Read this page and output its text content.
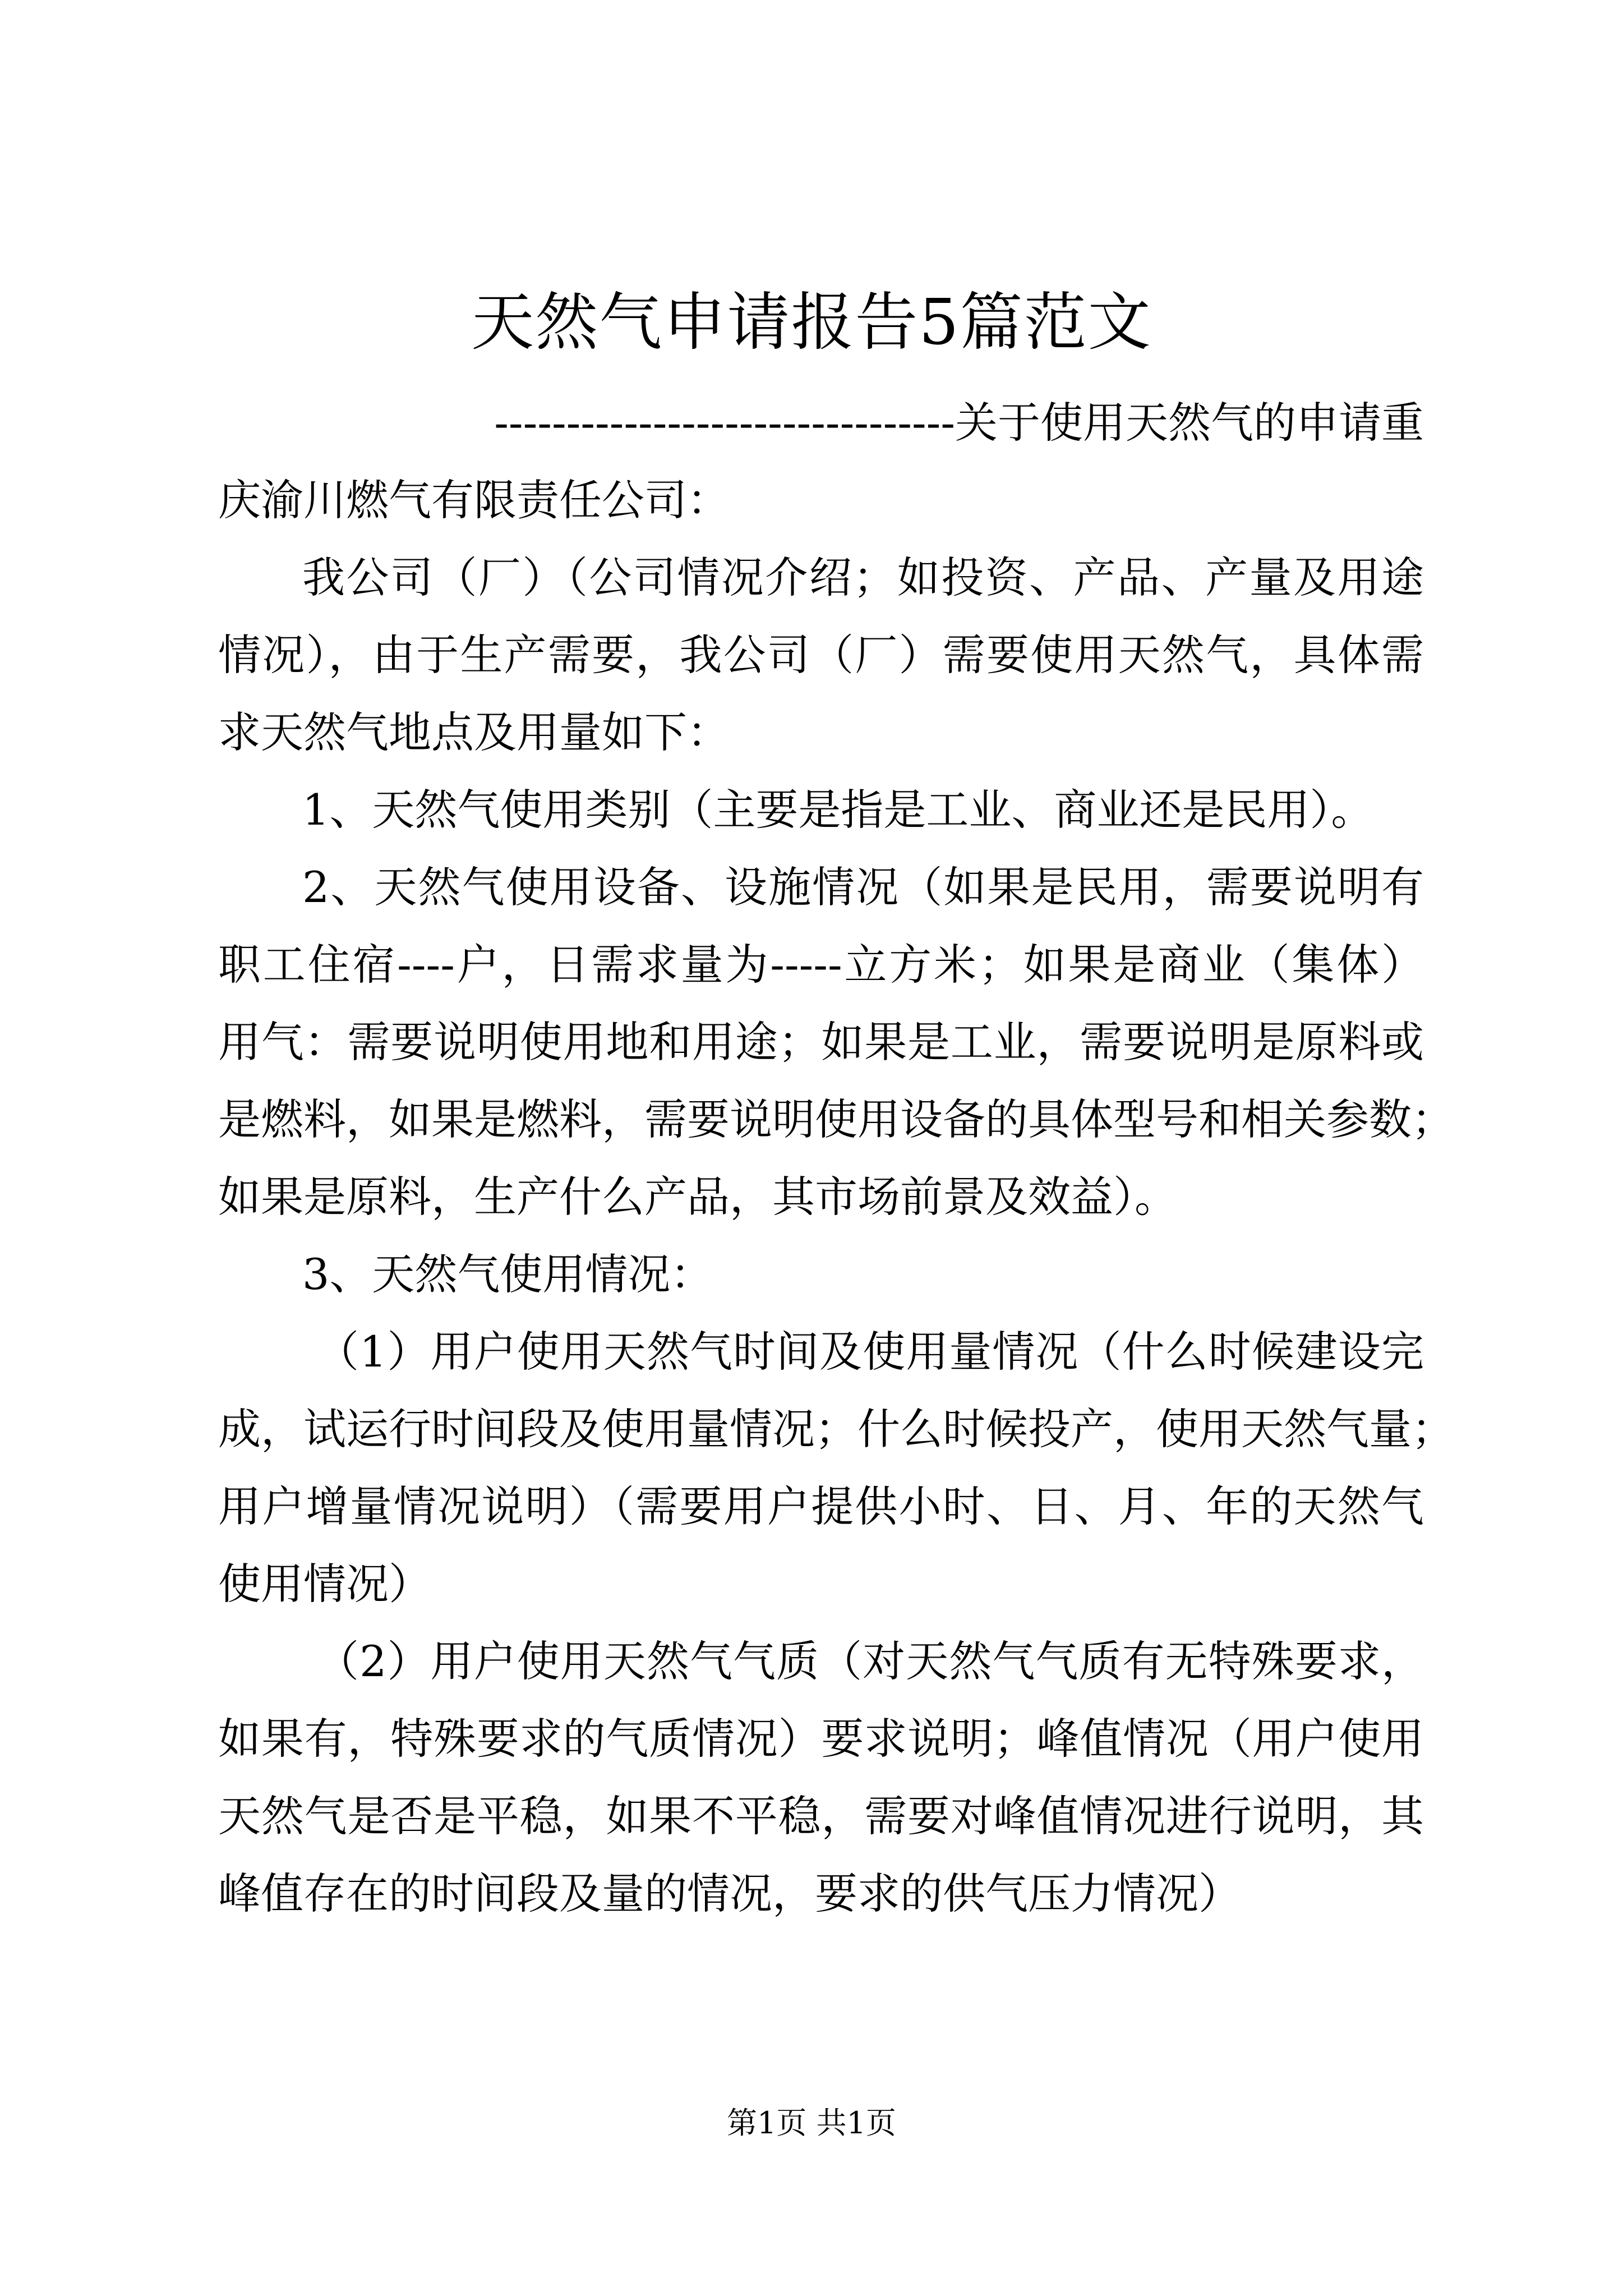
天然气申请报告5篇范文
--------------------------------关于使用天然气的申请重
庆渝川燃气有限责任公司：
我公司（厂）（公司情况介绍；如投资、产品、产量及用途
情况），由于生产需要，我公司（厂）需要使用天然气，具体需
求天然气地点及用量如下：
1、天然气使用类别（主要是指是工业、商业还是民用）。
2、天然气使用设备、设施情况（如果是民用，需要说明有
职工住宿----户，日需求量为-----立方米；如果是商业（集体）
用气：需要说明使用地和用途；如果是工业，需要说明是原料或
是燃料，如果是燃料，需要说明使用设备的具体型号和相关参数；
如果是原料，生产什么产品，其市场前景及效益）。
3、天然气使用情况：
（1）用户使用天然气时间及使用量情况（什么时候建设完
成，试运行时间段及使用量情况；什么时候投产，使用天然气量；
用户增量情况说明）（需要用户提供小时、日、月、年的天然气
使用情况）
（2）用户使用天然气气质（对天然气气质有无特殊要求，
如果有，特殊要求的气质情况）要求说明；峰值情况（用户使用
天然气是否是平稳，如果不平稳，需要对峰值情况进行说明，其
峰值存在的时间段及量的情况，要求的供气压力情况）
第1页 共1页
